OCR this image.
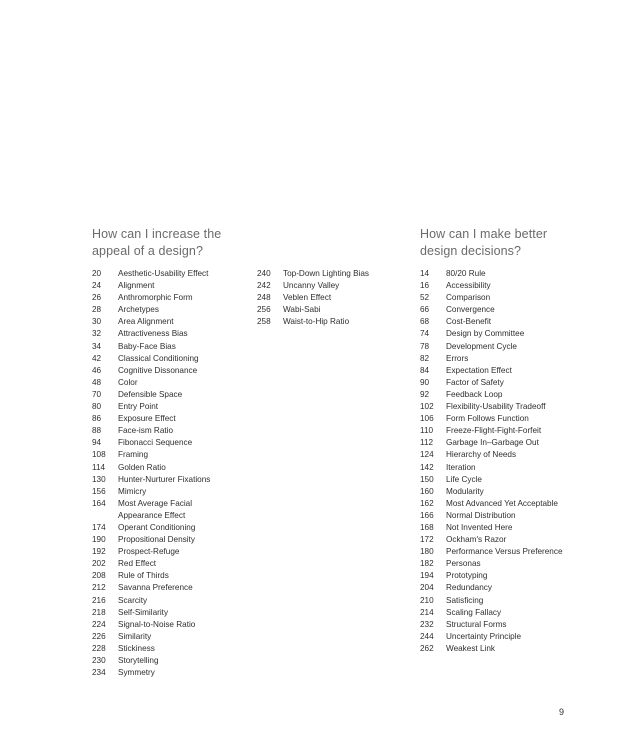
How can I increase the
appeal of a design?
How can I make better
design decisions?
20	Aesthetic-Usability Effect
24	Alignment
26	Anthromorphic Form
28	Archetypes
30	Area Alignment
32	Attractiveness Bias
34	Baby-Face Bias
42	Classical Conditioning
46	Cognitive Dissonance
48	Color
70	Defensible Space
80	Entry Point
86	Exposure Effect
88	Face-ism Ratio
94	Fibonacci Sequence
108	Framing
114	Golden Ratio
130	Hunter-Nurturer Fixations
156	Mimicry
164	Most Average Facial
Appearance Effect
174	Operant Conditioning
190	Propositional Density
192	Prospect-Refuge
202	Red Effect
208	Rule of Thirds
212	Savanna Preference
216	Scarcity
218	Self-Similarity
224	Signal-to-Noise Ratio
226	Similarity
228	Stickiness
230	Storytelling
234	Symmetry
240	Top-Down Lighting Bias
242	Uncanny Valley
248	Veblen Effect
256	Wabi-Sabi
258	Waist-to-Hip Ratio
14	80/20 Rule
16	Accessibility
52	Comparison
66	Convergence
68	Cost-Benefit
74	Design by Committee
78	Development Cycle
82	Errors
84	Expectation Effect
90	Factor of Safety
92	Feedback Loop
102	Flexibility-Usability Tradeoff
106	Form Follows Function
110	Freeze-Flight-Fight-Forfeit
112	Garbage In–Garbage Out
124	Hierarchy of Needs
142	Iteration
150	Life Cycle
160	Modularity
162	Most Advanced Yet Acceptable
166	Normal Distribution
168	Not Invented Here
172	Ockham's Razor
180	Performance Versus Preference
182	Personas
194	Prototyping
204	Redundancy
210	Satisficing
214	Scaling Fallacy
232	Structural Forms
244	Uncertainty Principle
262	Weakest Link
9
